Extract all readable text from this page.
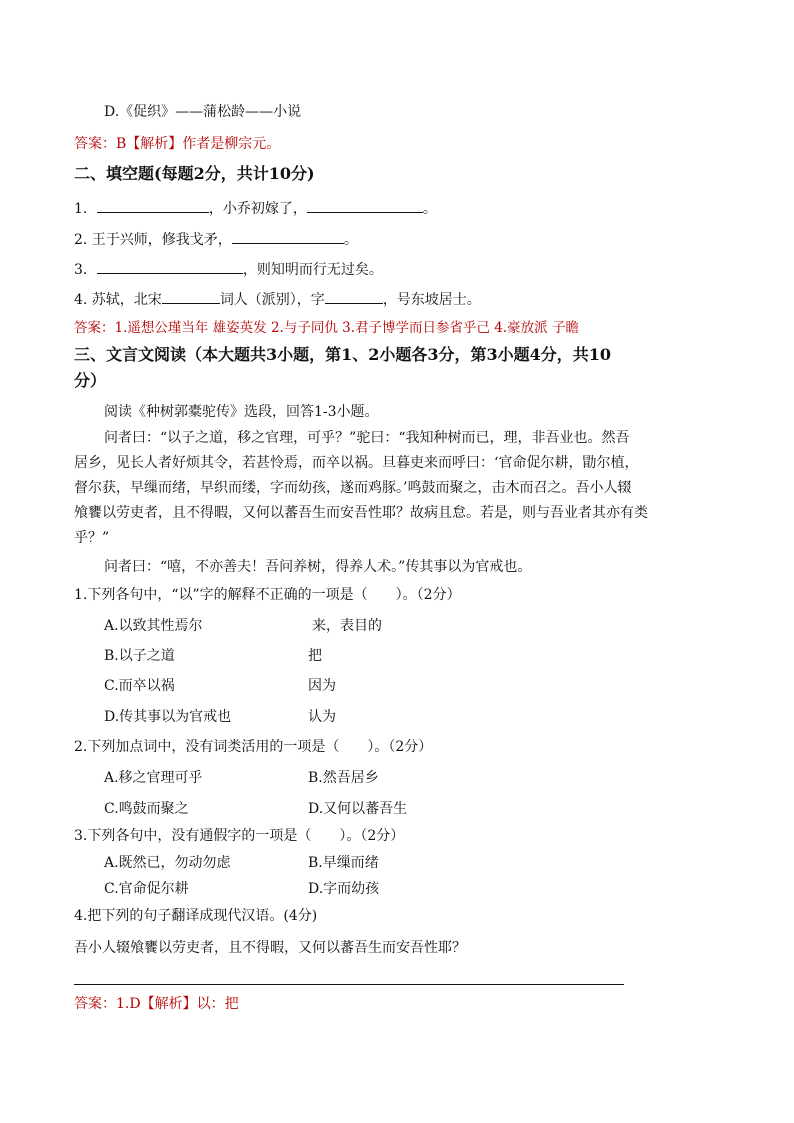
D.《促织》——蒲松龄——小说
答案：B【解析】作者是柳宗元。
二、填空题(每题2分，共计10分)
1．	，小乔初嫁了，	。
2. 王于兴师，修我戈矛，	。
3．	，则知明而行无过矣。
4. 苏轼，北宋	词人（派别），字	，号东坡居士。
答案：1.遥想公瑾当年 雄姿英发 2.与子同仇 3.君子博学而日参省乎己 4.豪放派 子瞻
三、文言文阅读（本大题共3小题，第1、2小题各3分，第3小题4分，共10
分）
阅读《种树郭橐驼传》选段，回答1-3小题。
问者曰：“以子之道，移之官理，可乎？”驼曰：“我知种树而已，理，非吾业也。然吾
居乡，见长人者好烦其令，若甚怜焉，而卒以祸。旦暮吏来而呼曰：‘官命促尔耕，勖尔植，
督尔获，早缫而绪，早织而缕，字而幼孩，遂而鸡豚。’鸣鼓而聚之，击木而召之。吾小人辍
飧饔以劳吏者，且不得暇，又何以蕃吾生而安吾性耶？故病且怠。若是，则与吾业者其亦有类
乎？”
问者曰：“嘻，不亦善夫！吾问养树，得养人术。”传其事以为官戒也。
1.下列各句中，“以”字的解释不正确的一项是（　　）。（2分）
A.以致其性焉尔	来，表目的
B.以子之道	把
C.而卒以祸	因为
D.传其事以为官戒也	认为
2.下列加点词中，没有词类活用的一项是（　　）。（2分）
A.移之官理可乎	B.然吾居乡
C.鸣鼓而聚之	D.又何以蕃吾生
3.下列各句中，没有通假字的一项是（　　）。（2分）
A.既然已，勿动勿虑	B.早缫而绪
C.官命促尔耕	D.字而幼孩
4.把下列的句子翻译成现代汉语。(4分)
吾小人辍飧饔以劳吏者，且不得暇，又何以蕃吾生而安吾性耶？
答案：1.D【解析】以：把
